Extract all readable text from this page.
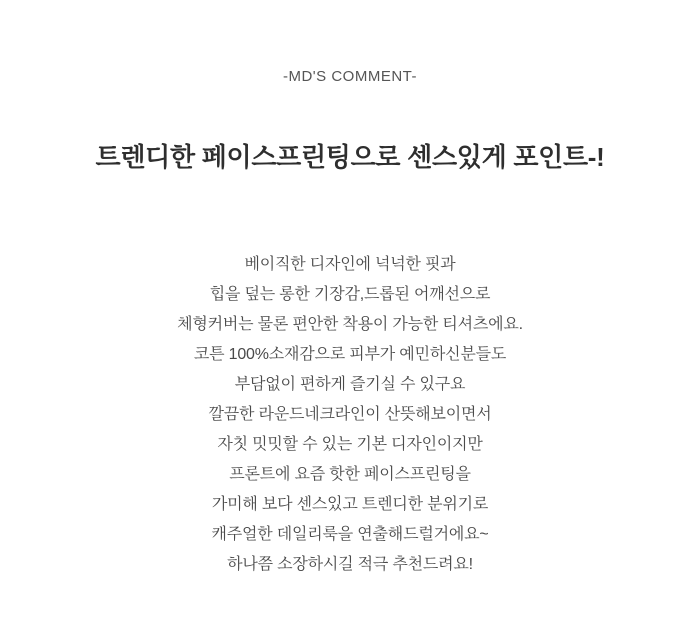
-MD'S COMMENT-
트렌디한 페이스프린팅으로 센스있게 포인트-!
베이직한 디자인에 넉넉한 핏과
힙을 덮는 롱한 기장감,드롭된 어깨선으로
체형커버는 물론 편안한 착용이 가능한 티셔츠에요.
코튼 100%소재감으로 피부가 예민하신분들도
부담없이 편하게 즐기실 수 있구요
깔끔한 라운드네크라인이 산뜻해보이면서
자칫 밋밋할 수 있는 기본 디자인이지만
프론트에 요즘 핫한 페이스프린팅을
가미해 보다 센스있고 트렌디한 분위기로
캐주얼한 데일리룩을 연출해드럴거에요~
하나쯤 소장하시길 적극 추천드려요!
